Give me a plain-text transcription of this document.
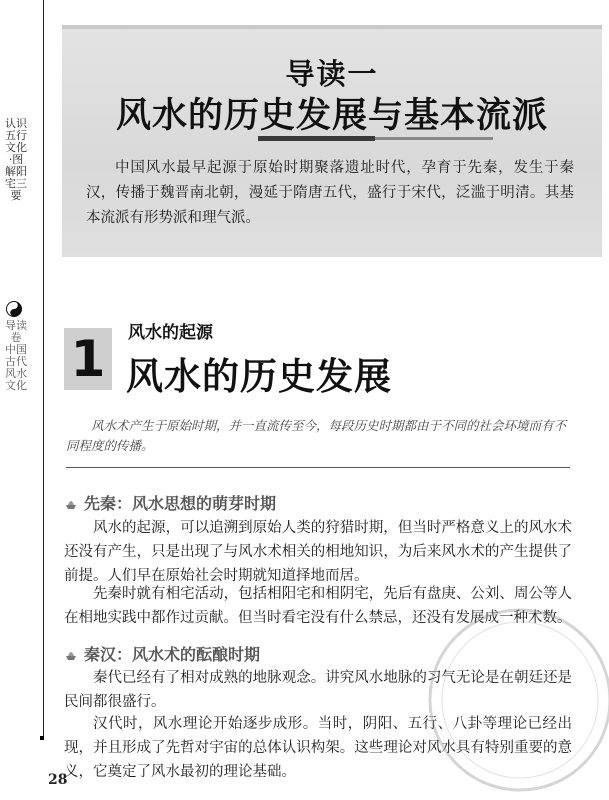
认识五行文化·图解阳宅三要
导读卷
中国古代风水文化
导读一
风水的历史发展与基本流派
中国风水最早起源于原始时期聚落遗址时代，孕育于先秦，发生于秦汉，传播于魏晋南北朝，漫延于隋唐五代，盛行于宋代，泛滥于明清。其基本流派有形势派和理气派。
1	风水的起源
风水的历史发展
风水术产生于原始时期，并一直流传至今，每段历史时期都由于不同的社会环境而有不同程度的传播。
先秦：风水思想的萌芽时期
风水的起源，可以追溯到原始人类的狩猎时期，但当时严格意义上的风水术还没有产生，只是出现了与风水术相关的相地知识，为后来风水术的产生提供了前提。人们早在原始社会时期就知道择地而居。
先秦时就有相宅活动，包括相阳宅和相阴宅，先后有盘庚、公刘、周公等人在相地实践中都作过贡献。但当时看宅没有什么禁忌，还没有发展成一种术数。
秦汉：风水术的酝酿时期
秦代已经有了相对成熟的地脉观念。讲究风水地脉的习气无论是在朝廷还是民间都很盛行。
汉代时，风水理论开始逐步成形。当时，阴阳、五行、八卦等理论已经出现，并且形成了先哲对宇宙的总体认识构架。这些理论对风水具有特别重要的意义，它奠定了风水最初的理论基础。
28
